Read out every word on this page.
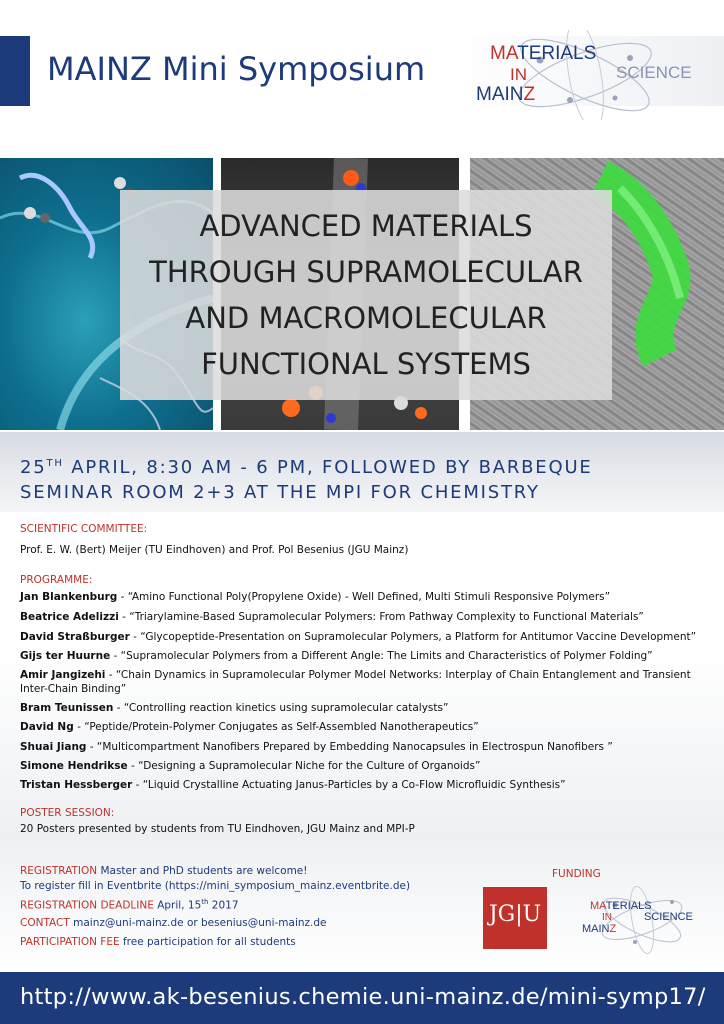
MAINZ Mini Symposium	MATERIALS
IN
MAINZ
SCIENCE
ADVANCED MATERIALS
THROUGH SUPRAMOLECULAR
AND MACROMOLECULAR
FUNCTIONAL SYSTEMS
25TH APRIL, 8:30 AM - 6 PM, FOLLOWED BY BARBEQUE
SEMINAR ROOM 2+3 AT THE MPI FOR CHEMISTRY
SCIENTIFIC COMMITTEE:
Prof. E. W. (Bert) Meijer (TU Eindhoven) and Prof. Pol Besenius (JGU Mainz)
PROGRAMME:
Jan Blankenburg - “Amino Functional Poly(Propylene Oxide) - Well Defined, Multi Stimuli Responsive Polymers”
Beatrice Adelizzi - “Triarylamine-Based Supramolecular Polymers: From Pathway Complexity to Functional Materials”
David Straßburger - “Glycopeptide-Presentation on Supramolecular Polymers, a Platform for Antitumor Vaccine Development”
Gijs ter Huurne - “Supramolecular Polymers from a Different Angle: The Limits and Characteristics of Polymer Folding”
Amir Jangizehi - “Chain Dynamics in Supramolecular Polymer Model Networks: Interplay of Chain Entanglement and Transient Inter-Chain Binding”
Bram Teunissen - “Controlling reaction kinetics using supramolecular catalysts”
David Ng - “Peptide/Protein-Polymer Conjugates as Self-Assembled Nanotherapeutics”
Shuai Jiang - “Multicompartment Nanofibers Prepared by Embedding Nanocapsules in Electrospun Nanofibers ”
Simone Hendrikse - “Designing a Supramolecular Niche for the Culture of Organoids”
Tristan Hessberger - “Liquid Crystalline Actuating Janus-Particles by a Co-Flow Microfluidic Synthesis”
POSTER SESSION:
20 Posters presented by students from TU Eindhoven, JGU Mainz and MPI-P
REGISTRATION Master and PhD students are welcome!
To register fill in Eventbrite (https://mini_symposium_mainz.eventbrite.de)
REGISTRATION DEADLINE April, 15th 2017
CONTACT mainz@uni-mainz.de or besenius@uni-mainz.de
PARTICIPATION FEE free participation for all students
FUNDING
JG|U	MATERIALS
IN
MAINZ
SCIENCE
http://www.ak-besenius.chemie.uni-mainz.de/mini-symp17/
